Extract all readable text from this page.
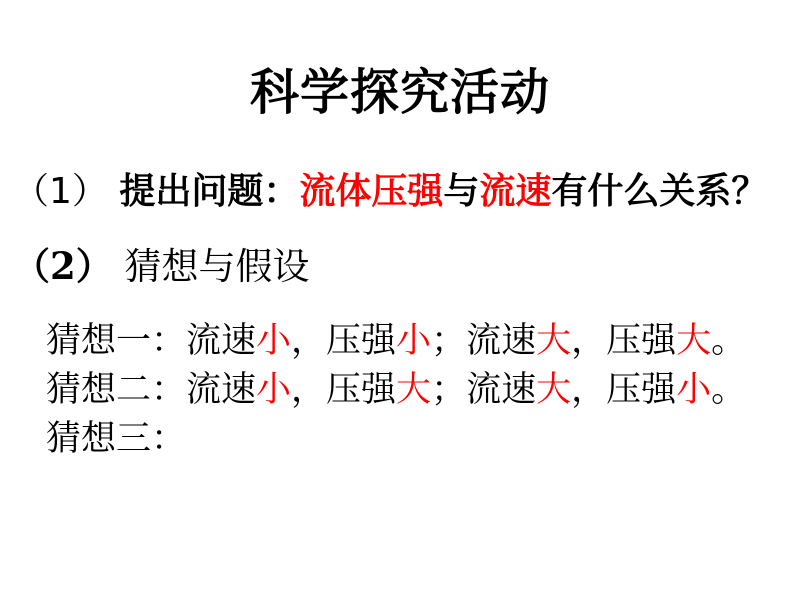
科学探究活动
（1） 提出问题：流体压强与流速有什么关系？
（2） 猜想与假设
猜想一：流速小，压强小；流速大，压强大。
猜想二：流速小，压强大；流速大，压强小。
猜想三：
